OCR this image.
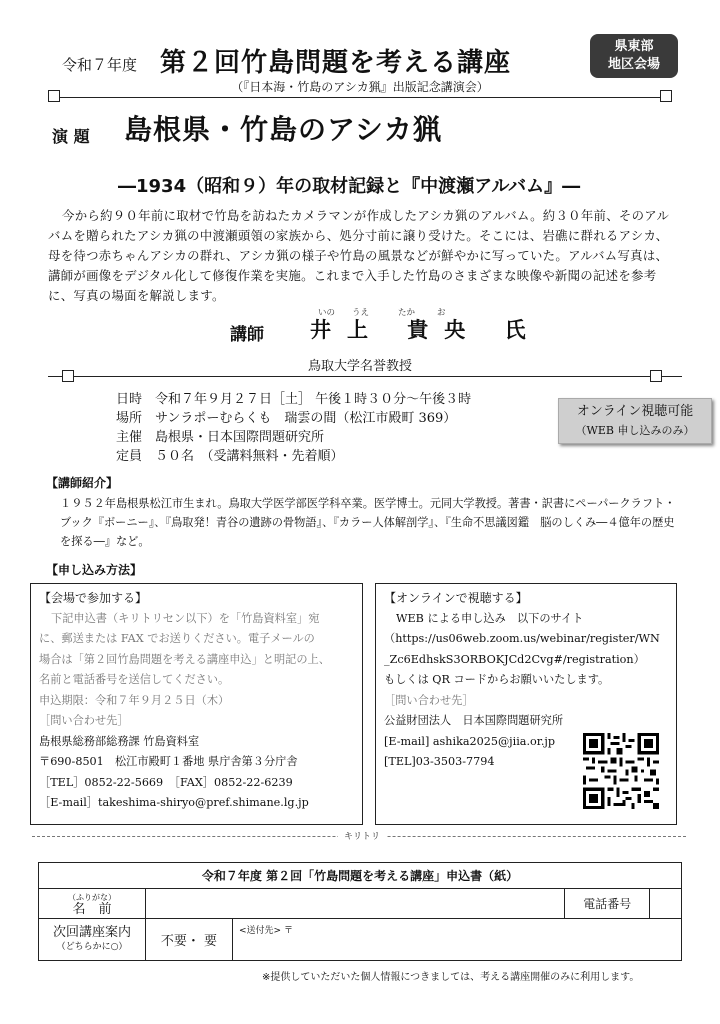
令和７年度 第２回竹島問題を考える講座
県東部
地区会場
（『日本海・竹島のアシカ猟』出版記念講演会）
演 題 島根県・竹島のアシカ猟
―1934（昭和９）年の取材記録と『中渡瀬アルバム』―
今から約９０年前に取材で竹島を訪ねたカメラマンが作成したアシカ猟のアルバム。約３０年前、そのアルバムを贈られたアシカ猟の中渡瀬頭領の家族から、処分寸前に譲り受けた。そこには、岩礁に群れるアシカ、母を待つ赤ちゃんアシカの群れ、アシカ猟の様子や竹島の風景などが鮮やかに写っていた。アルバム写真は、講師が画像をデジタル化して修復作業を実施。これまで入手した竹島のさまざまな映像や新聞の記述を参考に、写真の場面を解説します。
いの うえ	たか	お
講師 井上 貴央 氏
鳥取大学名誉教授
日時　令和７年９月２７日［土］ 午後１時３０分～午後３時
場所　サンラポーむらくも　瑞雲の間（松江市殿町 369）
主催　島根県・日本国際問題研究所
定員　５０名　（受講料無料・先着順）
オンライン視聴可能
（WEB 申し込みのみ）
【講師紹介】
１９５２年島根県松江市生まれ。鳥取大学医学部医学科卒業。医学博士。元同大学教授。著書・訳書にペーパークラフト・ブック『ボーニー』、『鳥取発！青谷の遺跡の骨物語』、『カラー人体解剖学』、『生命不思議図鑑　脳のしくみ―４億年の歴史を探る―』など。
【申し込み方法】
【会場で参加する】
下記申込書（キリトリセン以下）を「竹島資料室」宛
に、郵送または FAX でお送りください。電子メールの
場合は「第２回竹島問題を考える講座申込」と明記の上、
名前と電話番号を送信してください。
申込期限：令和７年９月２５日（木）
［問い合わせ先］
島根県総務部総務課 竹島資料室
〒690-8501　松江市殿町１番地 県庁舎第３分庁舎
［TEL］0852-22-5669　［FAX］0852-22-6239
［E-mail］takeshima-shiryo@pref.shimane.lg.jp
【オンラインで視聴する】
WEB による申し込み　以下のサイト
（https://us06web.zoom.us/webinar/register/WN
_Zc6EdhskS3ORBOKJCd2Cvg#/registration）
もしくは QR コードからお願いいたします。
［問い合わせ先］
公益財団法人　日本国際問題研究所
[E-mail] ashika2025@jiia.or.jp
[TEL]03-3503-7794
キリトリ
令和７年度 第２回「竹島問題を考える講座」申込書（紙）				

（ふりがな）
名　前			電話番号	

次回講座案内
（どちらかに○）	不要・ 要	<送付先> 〒		
※提供していただいた個人情報につきましては、考える講座開催のみに利用します。
